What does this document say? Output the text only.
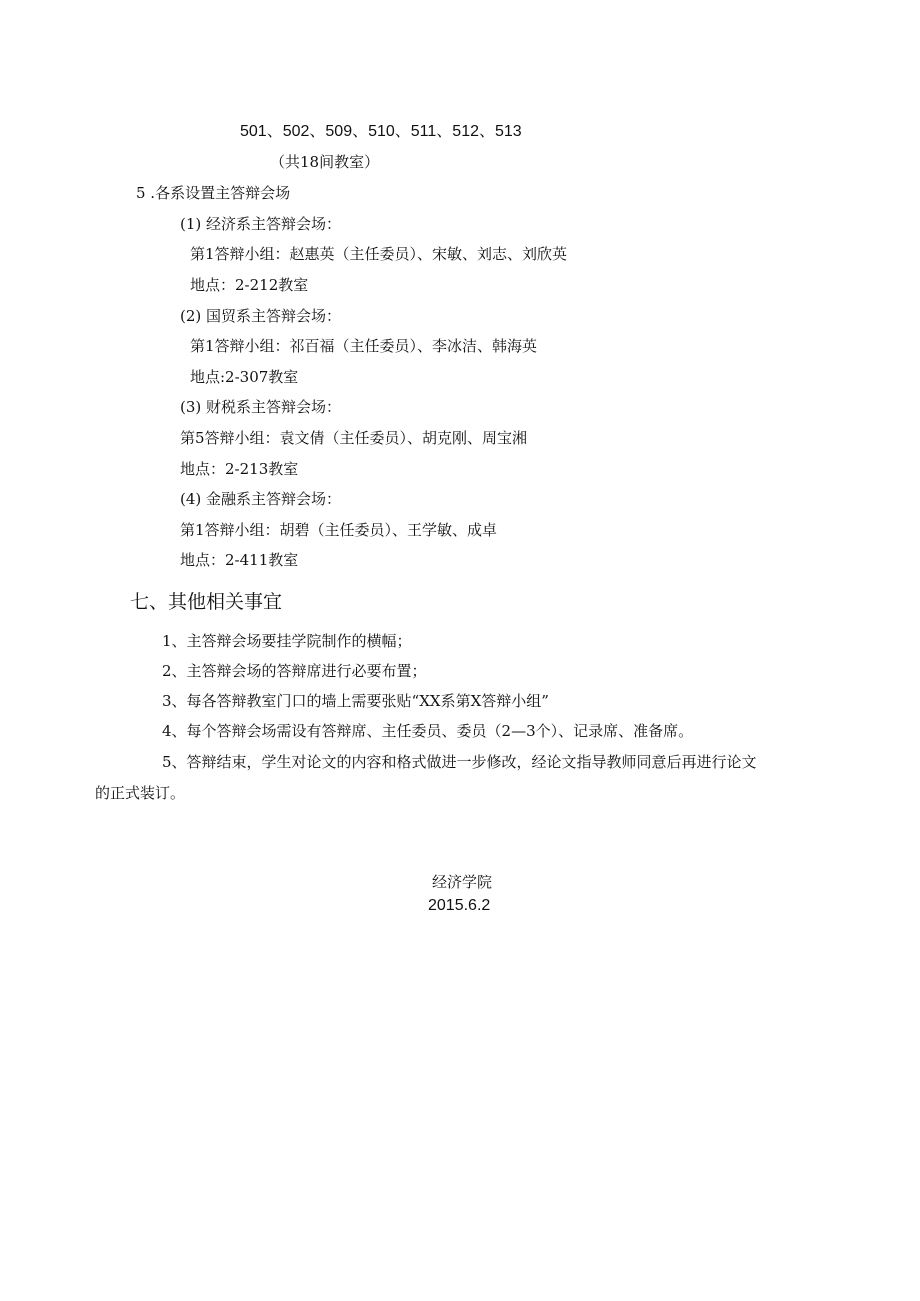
501、502、509、510、511、512、513
（共18间教室）
5 .各系设置主答辩会场
(1) 经济系主答辩会场：
第1答辩小组：赵惠英（主任委员）、宋敏、刘志、刘欣英
地点：2-212教室
(2) 国贸系主答辩会场：
第1答辩小组：祁百福（主任委员）、李冰洁、韩海英
地点:2-307教室
(3) 财税系主答辩会场：
第5答辩小组：袁文倩（主任委员）、胡克刚、周宝湘
地点：2-213教室
(4) 金融系主答辩会场：
第1答辩小组：胡碧（主任委员）、王学敏、成卓
地点：2-411教室
七、其他相关事宜
1、主答辩会场要挂学院制作的横幅；
2、主答辩会场的答辩席进行必要布置；
3、每各答辩教室门口的墙上需要张贴“XX系第X答辩小组”
4、每个答辩会场需设有答辩席、主任委员、委员（2—3个）、记录席、准备席。
5、答辩结束，学生对论文的内容和格式做进一步修改，经论文指导教师同意后再进行论文
的正式装订。
经济学院
2015.6.2
